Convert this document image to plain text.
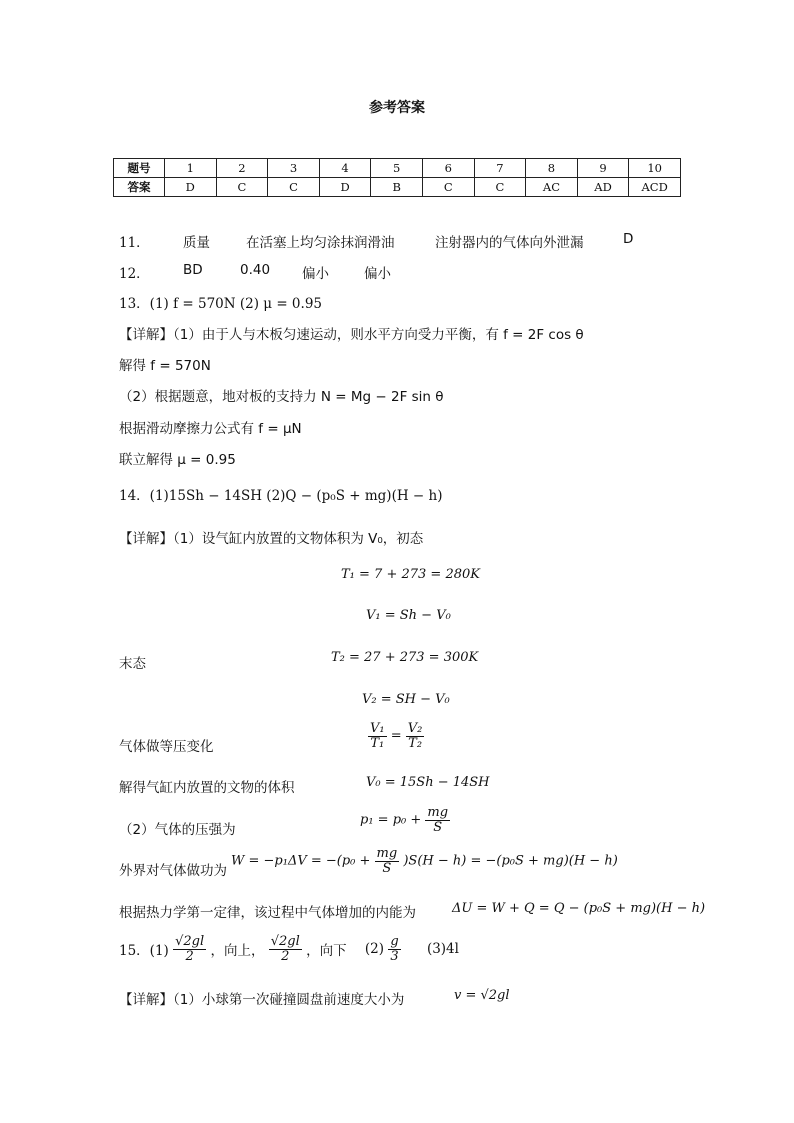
参考答案
题号	1	2	3	4	5	6	7	8	9	10
答案	D	C	C	D	B	C	C	AC	AD	ACD
11． 质量	在活塞上均匀涂抹润滑油	注射器内的气体向外泄漏	D
12． BD	0.40 偏小	偏小
13．(1) f = 570N (2) μ = 0.95
【详解】（1）由于人与木板匀速运动，则水平方向受力平衡，有 f = 2F cos θ
解得 f = 570N
（2）根据题意，地对板的支持力 N = Mg − 2F sin θ
根据滑动摩擦力公式有 f = μN
联立解得 μ = 0.95
14．(1)15Sh − 14SH (2)Q − (p₀S + mg)(H − h)
【详解】（1）设气缸内放置的文物体积为 V₀，初态
T₁ = 7 + 273 = 280K
V₁ = Sh − V₀
末态	T₂ = 27 + 273 = 300K
V₂ = SH − V₀
气体做等压变化	$\frac{\text{V₁}}{\text{T₁}} = \frac{\text{V₂}}{\text{T₂}}$
解得气缸内放置的文物的体积	V₀ = 15Sh − 14SH
（2）气体的压强为
$p_1 = p_0 + \frac{mg}{S}$
外界对气体做功为
$W = -p_1\Delta V = -(p_0 + \frac{mg}{S} )S(H - h) = -(p_0S + mg)(H - h)$
根据热力学第一定律，该过程中气体增加的内能为	ΔU = W + Q = Q − (p₀S + mg)(H − h)
15．$(1) \frac{√2gl}{2}$ ，向上， $\frac{√2gl}{2}$ ，向下 $(2) \frac{g}{3} (3)4l$
【详解】（1）小球第一次碰撞圆盘前速度大小为	v = √2gl
